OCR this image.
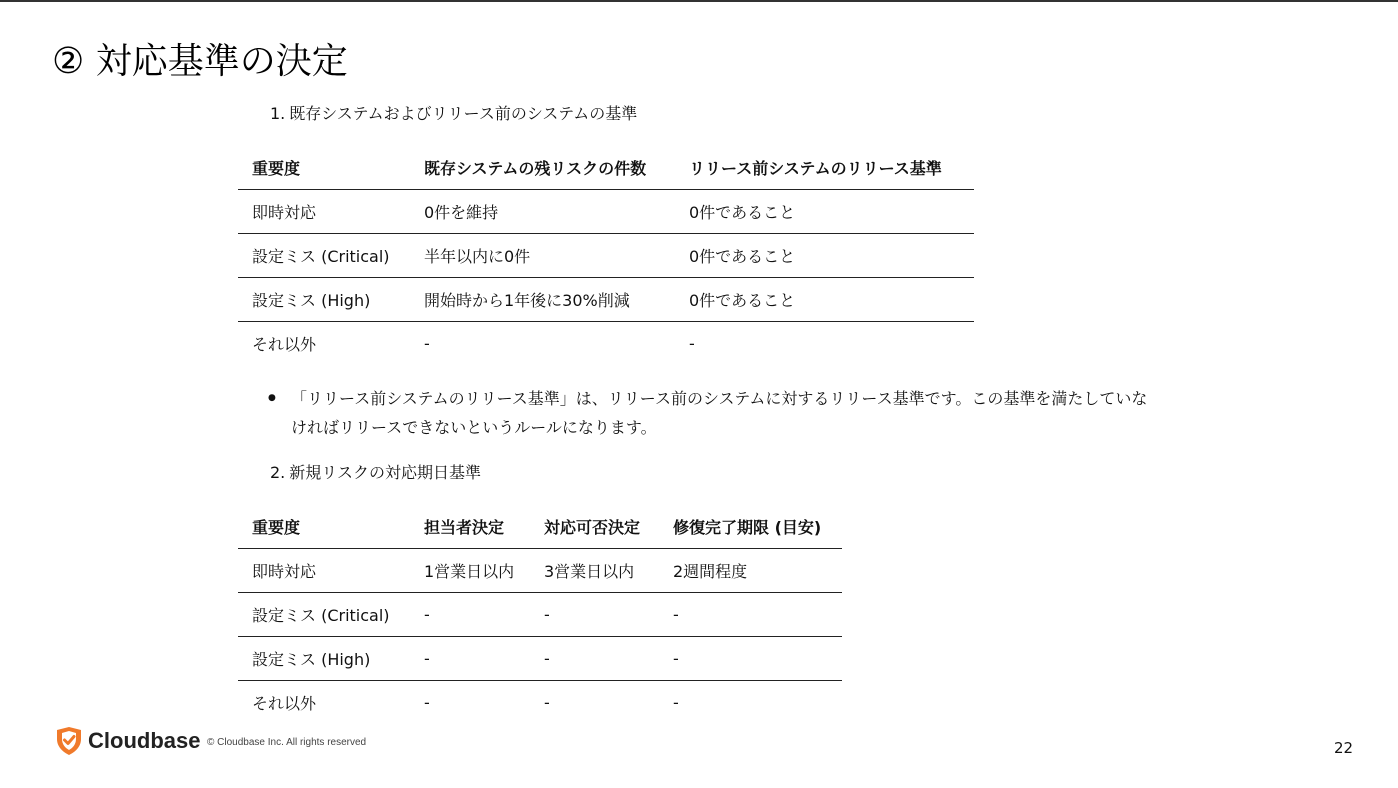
② 対応基準の決定

1. 既存システムおよびリリース前のシステムの基準

重要度	既存システムの残リスクの件数	リリース前システムのリリース基準
即時対応	0件を維持	0件であること
設定ミス (Critical)	半年以内に0件	0件であること
設定ミス (High)	開始時から1年後に30%削減	0件であること
それ以外	-	-
● 「リリース前システムのリリース基準」は、リリース前のシステムに対するリリース基準です。この基準を満たしていなければリリースできないというルールになります。

2. 新規リスクの対応期日基準

重要度	担当者決定	対応可否決定	修復完了期限 (目安)
即時対応	1営業日以内	3営業日以内	2週間程度
設定ミス (Critical)	-	-	-
設定ミス (High)	-	-	-
それ以外	-	-	-
Cloudbase © Cloudbase Inc. All rights reserved	22
